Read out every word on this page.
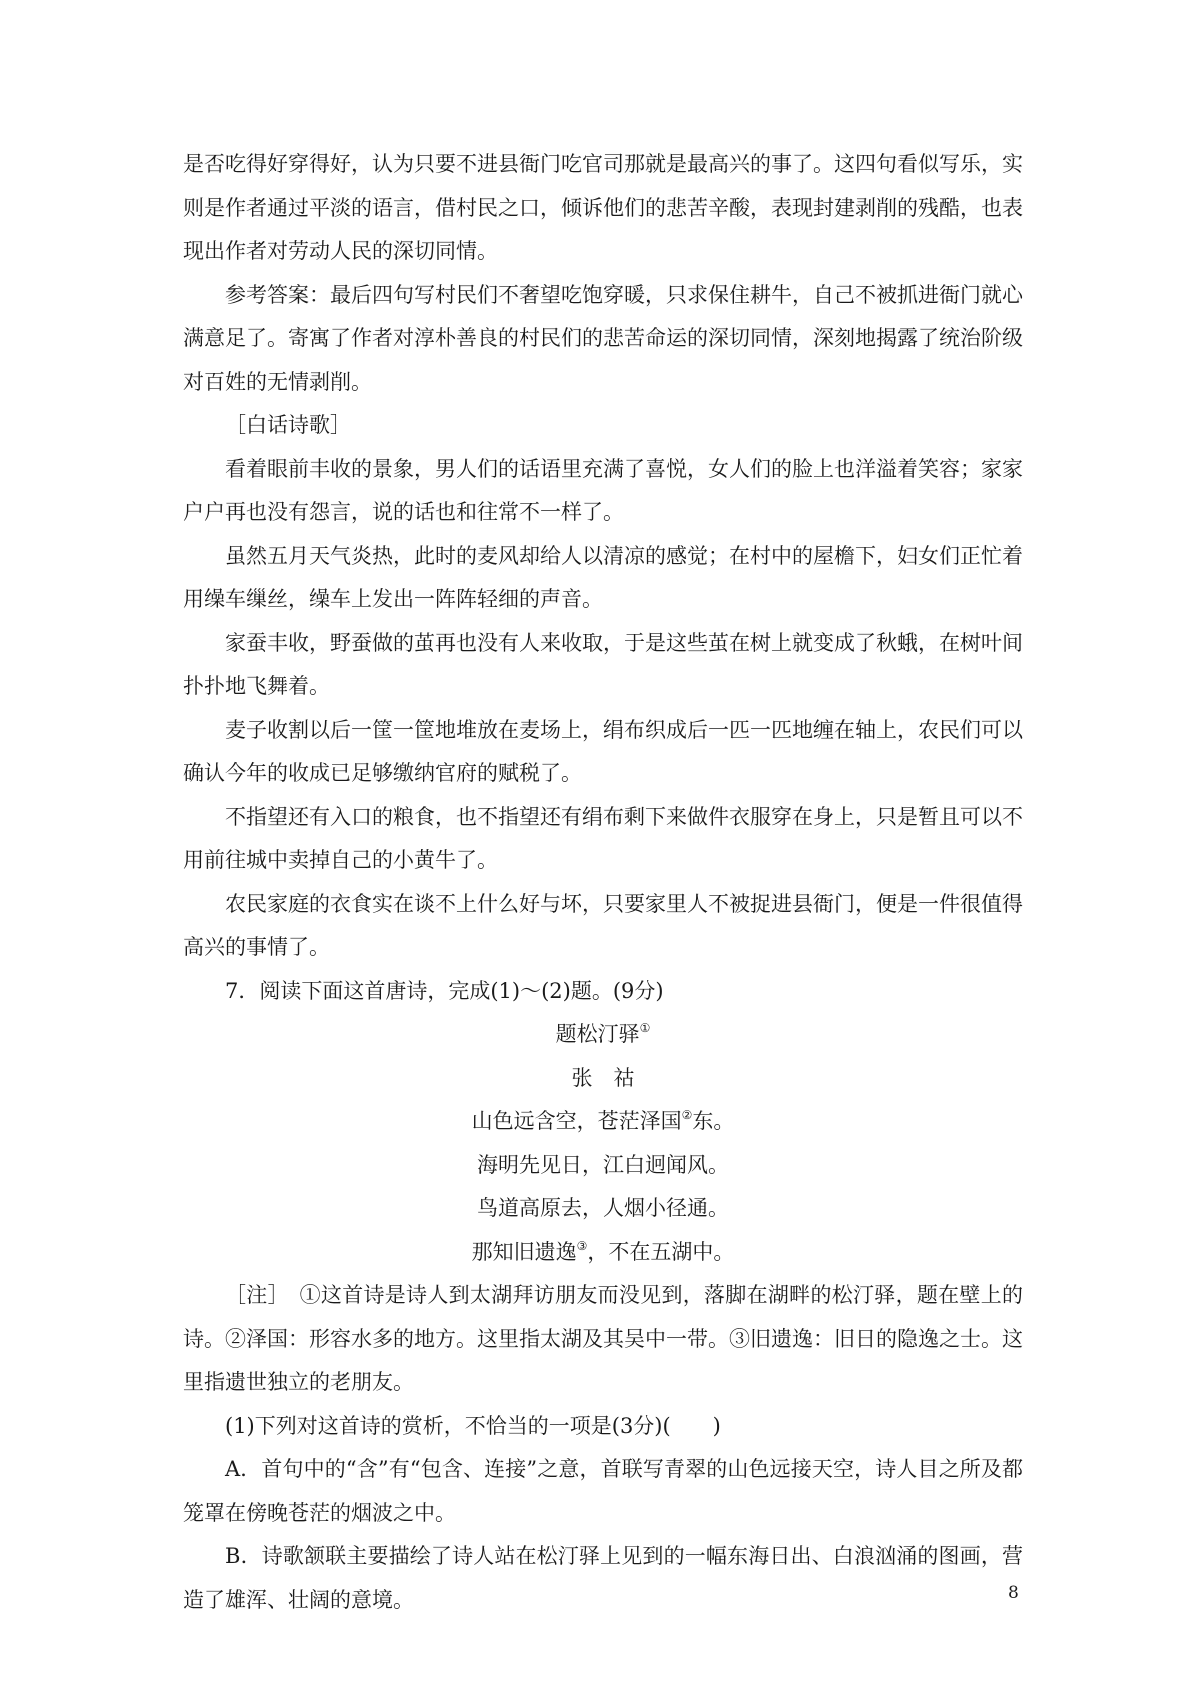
是否吃得好穿得好，认为只要不进县衙门吃官司那就是最高兴的事了。这四句看似写乐，实则是作者通过平淡的语言，借村民之口，倾诉他们的悲苦辛酸，表现封建剥削的残酷，也表现出作者对劳动人民的深切同情。

参考答案：最后四句写村民们不奢望吃饱穿暖，只求保住耕牛，自己不被抓进衙门就心满意足了。寄寓了作者对淳朴善良的村民们的悲苦命运的深切同情，深刻地揭露了统治阶级对百姓的无情剥削。

［白话诗歌］

看着眼前丰收的景象，男人们的话语里充满了喜悦，女人们的脸上也洋溢着笑容；家家户户再也没有怨言，说的话也和往常不一样了。

虽然五月天气炎热，此时的麦风却给人以清凉的感觉；在村中的屋檐下，妇女们正忙着用缲车缫丝，缲车上发出一阵阵轻细的声音。

家蚕丰收，野蚕做的茧再也没有人来收取，于是这些茧在树上就变成了秋蛾，在树叶间扑扑地飞舞着。

麦子收割以后一筐一筐地堆放在麦场上，绢布织成后一匹一匹地缠在轴上，农民们可以确认今年的收成已足够缴纳官府的赋税了。

不指望还有入口的粮食，也不指望还有绢布剩下来做件衣服穿在身上，只是暂且可以不用前往城中卖掉自己的小黄牛了。

农民家庭的衣食实在谈不上什么好与坏，只要家里人不被捉进县衙门，便是一件很值得高兴的事情了。

7．阅读下面这首唐诗，完成(1)～(2)题。(9分)

题松汀驿①

张　祜

山色远含空，苍茫泽国②东。

海明先见日，江白迥闻风。

鸟道高原去，人烟小径通。

那知旧遗逸③，不在五湖中。

［注］　①这首诗是诗人到太湖拜访朋友而没见到，落脚在湖畔的松汀驿，题在壁上的诗。②泽国：形容水多的地方。这里指太湖及其吴中一带。③旧遗逸：旧日的隐逸之士。这里指遗世独立的老朋友。

(1)下列对这首诗的赏析，不恰当的一项是(3分)(　　)

A．首句中的“含”有“包含、连接”之意，首联写青翠的山色远接天空，诗人目之所及都笼罩在傍晚苍茫的烟波之中。

B．诗歌颔联主要描绘了诗人站在松汀驿上见到的一幅东海日出、白浪汹涌的图画，营造了雄浑、壮阔的意境。	8
